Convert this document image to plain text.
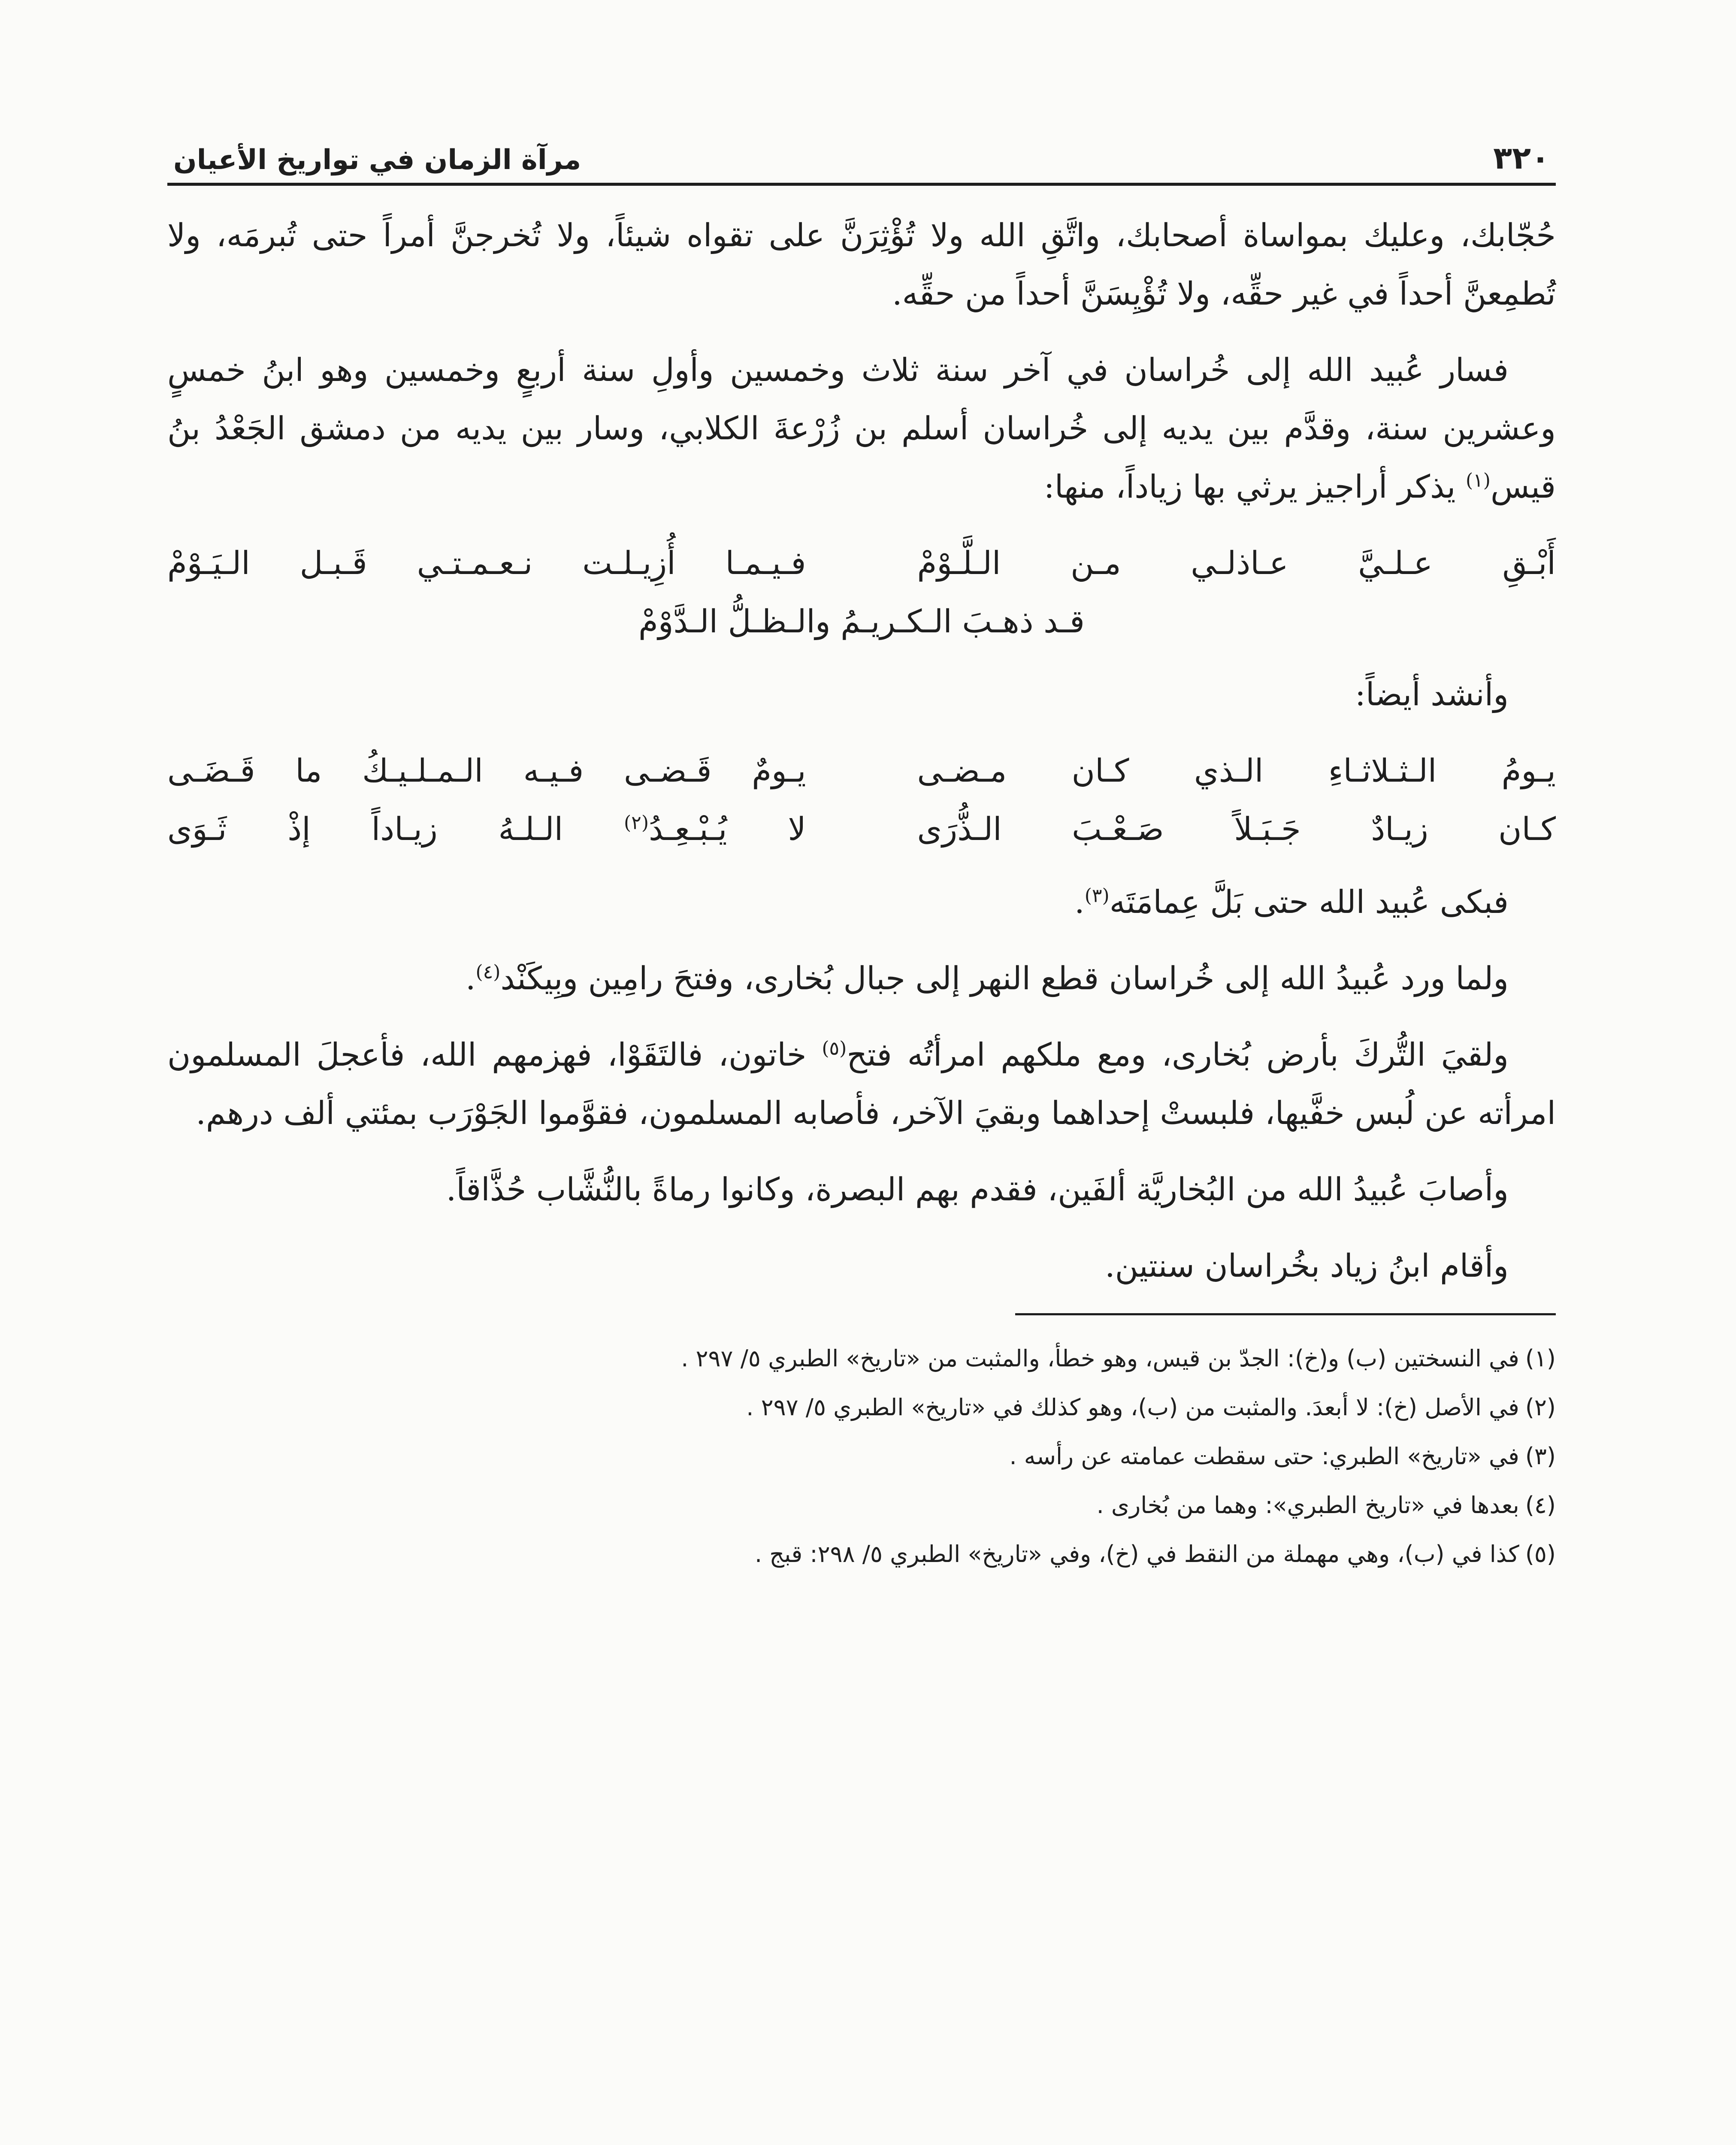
٣٢٠
مرآة الزمان في تواريخ الأعيان

حُجّابك، وعليك بمواساة أصحابك، واتَّقِ الله ولا تُؤْثِرَنَّ على تقواه شيئاً، ولا تُخرجنَّ أمراً حتى تُبرمَه، ولا تُطمِعنَّ أحداً في غير حقِّه، ولا تُؤْيِسَنَّ أحداً من حقِّه.

فسار عُبيد الله إلى خُراسان في آخر سنة ثلاث وخمسين وأولِ سنة أربعٍ وخمسين وهو ابنُ خمسٍ وعشرين سنة، وقدَّم بين يديه إلى خُراسان أسلم بن زُرْعةَ الكلابي، وسار بين يديه من دمشق الجَعْدُ بنُ قيس$^{(١)}$ يذكر أراجيز يرثي بها زياداً، منها:

أَبْـقِ عـلـيَّ عـاذلـي مـن الـلَّـوْمْ
فـيـمـا أُزِيـلـت نـعـمـتـي قَـبـل الـيَـوْمْ
قـد ذهـبَ الـكـريـمُ والـظـلُّ الـدَّوْمْ

وأنشد أيضاً:

يـومُ الـثـلاثـاءِ الـذي كـان مـضـى
يـومٌ قَـضـى فـيـه الـمـلـيـكُ ما قَـضَـى
كـان زيـادٌ جَـبَـلاً صَـعْـبَ الـذُّرَى
لا يُـبْـعِـدُ$^{(٢)}$ الـلـهُ زيـاداً إذْ ثَـوَى

فبكى عُبيد الله حتى بَلَّ عِمامَتَه$^{(٣)}$.

ولما ورد عُبيدُ الله إلى خُراسان قطع النهر إلى جبال بُخارى، وفتحَ رامِين وبِيكَنْد$^{(٤)}$.

ولقيَ التُّركَ بأرض بُخارى، ومع ملكهم امرأتُه فتح$^{(٥)}$ خاتون، فالتَقَوْا، فهزمهم الله، فأعجلَ المسلمون امرأته عن لُبس خفَّيها، فلبستْ إحداهما وبقيَ الآخر، فأصابه المسلمون، فقوَّموا الجَوْرَب بمئتي ألف درهم.

وأصابَ عُبيدُ الله من البُخاريَّة ألفَين، فقدم بهم البصرة، وكانوا رماةً بالنُّشَّاب حُذَّاقاً.

وأقام ابنُ زياد بخُراسان سنتين.

(١)
في النسختين (ب) و(خ): الجدّ بن قيس، وهو خطأ، والمثبت من «تاريخ» الطبري ٥/ ٢٩٧ .
(٢)
في الأصل (خ): لا أبعدَ. والمثبت من (ب)، وهو كذلك في «تاريخ» الطبري ٥/ ٢٩٧ .
(٣)
في «تاريخ» الطبري: حتى سقطت عمامته عن رأسه .
(٤)
بعدها في «تاريخ الطبري»: وهما من بُخارى .
(٥)
كذا في (ب)، وهي مهملة من النقط في (خ)، وفي «تاريخ» الطبري ٥/ ٢٩٨: قبج .
